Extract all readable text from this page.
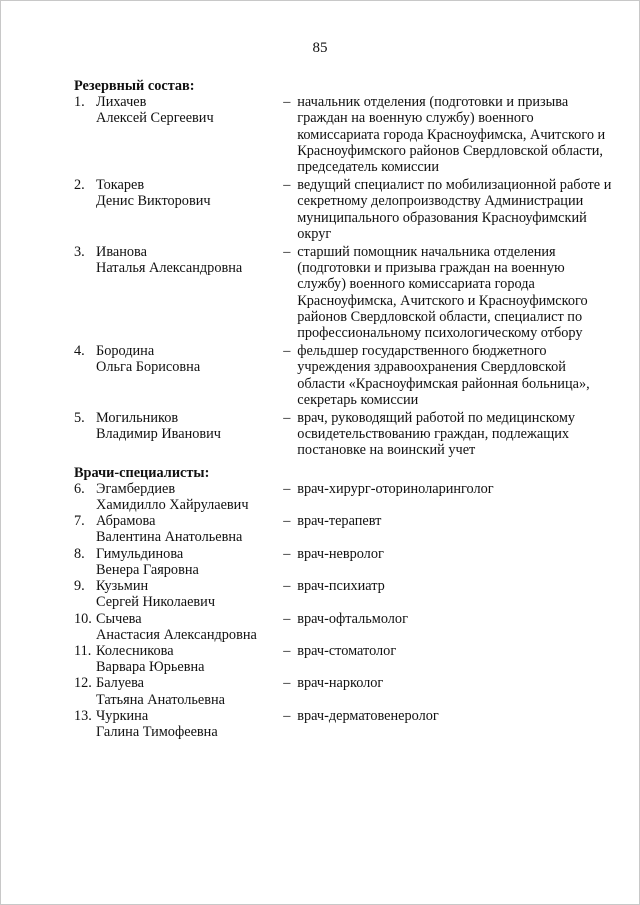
85

Резервный состав:

1. Лихачев
Алексей Сергеевич
– начальник отделения (подготовки и призыва граждан на военную службу) военного комиссариата города Красноуфимска, Ачитского и Красноуфимского районов Свердловской области, председатель комиссии
2. Токарев
Денис Викторович
– ведущий специалист по мобилизационной работе и секретному делопроизводству Администрации муниципального образования Красноуфимский округ
3. Иванова
Наталья Александровна
– старший помощник начальника отделения (подготовки и призыва граждан на военную службу) военного комиссариата города Красноуфимска, Ачитского и Красноуфимского районов Свердловской области, специалист по профессиональному психологическому отбору
4. Бородина
Ольга Борисовна
– фельдшер государственного бюджетного учреждения здравоохранения Свердловской области «Красноуфимская районная больница», секретарь комиссии
5. Могильников
Владимир Иванович
– врач, руководящий работой по медицинскому освидетельствованию граждан, подлежащих постановке на воинский учет

Врачи-специалисты:

6. Эгамбердиев
Хамидилло Хайрулаевич
– врач-хирург-оториноларинголог
7. Абрамова
Валентина Анатольевна
– врач-терапевт
8. Гимульдинова
Венера Гаяровна
– врач-невролог
9. Кузьмин
Сергей Николаевич
– врач-психиатр
10. Сычева
Анастасия Александровна
– врач-офтальмолог
11. Колесникова
Варвара Юрьевна
– врач-стоматолог
12. Балуева
Татьяна Анатольевна
– врач-нарколог
13. Чуркина
Галина Тимофеевна
– врач-дерматовенеролог
